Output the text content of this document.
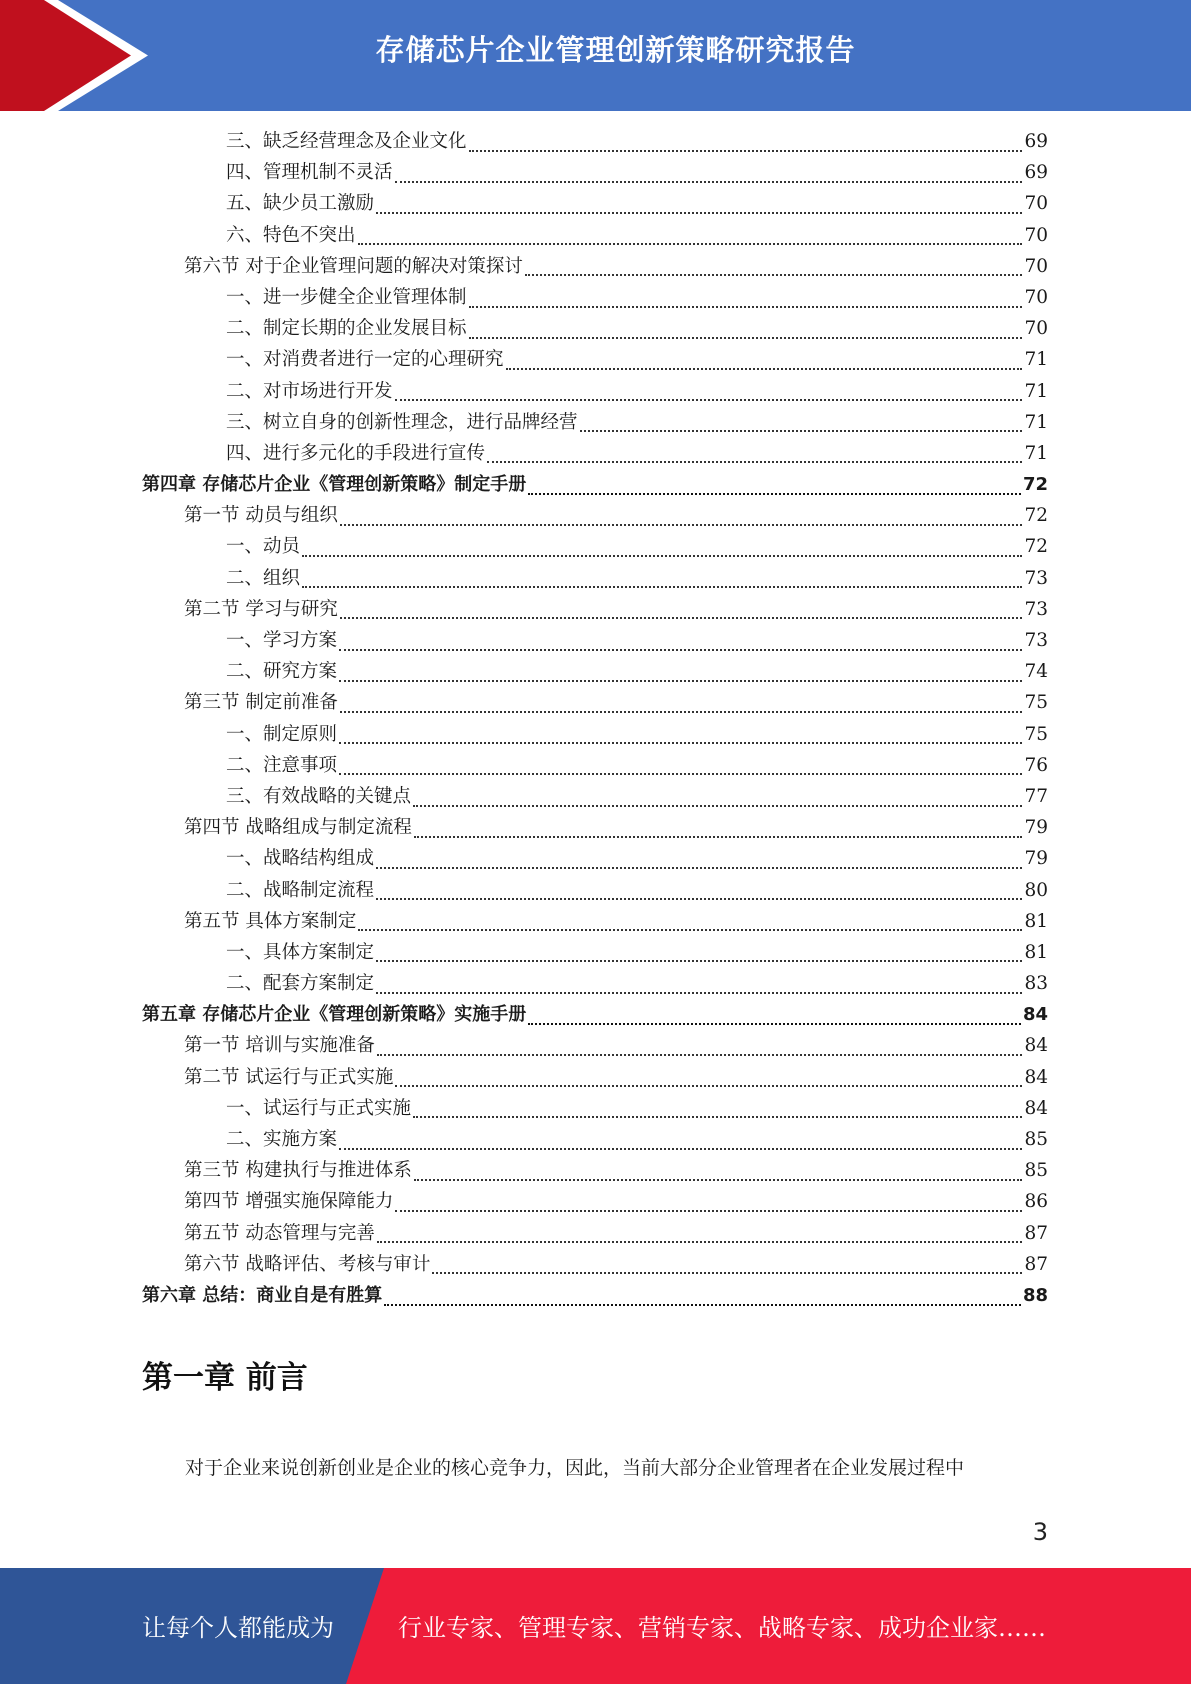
存储芯片企业管理创新策略研究报告
三、缺乏经营理念及企业文化	69
四、管理机制不灵活	69
五、缺少员工激励	70
六、特色不突出	70
第六节 对于企业管理问题的解决对策探讨	70
一、进一步健全企业管理体制	70
二、制定长期的企业发展目标	70
一、对消费者进行一定的心理研究	71
二、对市场进行开发	71
三、树立自身的创新性理念，进行品牌经营	71
四、进行多元化的手段进行宣传	71
第四章 存储芯片企业《管理创新策略》制定手册	72
第一节 动员与组织	72
一、动员	72
二、组织	73
第二节 学习与研究	73
一、学习方案	73
二、研究方案	74
第三节 制定前准备	75
一、制定原则	75
二、注意事项	76
三、有效战略的关键点	77
第四节 战略组成与制定流程	79
一、战略结构组成	79
二、战略制定流程	80
第五节 具体方案制定	81
一、具体方案制定	81
二、配套方案制定	83
第五章 存储芯片企业《管理创新策略》实施手册	84
第一节 培训与实施准备	84
第二节 试运行与正式实施	84
一、试运行与正式实施	84
二、实施方案	85
第三节 构建执行与推进体系	85
第四节 增强实施保障能力	86
第五节 动态管理与完善	87
第六节 战略评估、考核与审计	87
第六章 总结：商业自是有胜算	88
第一章 前言

对于企业来说创新创业是企业的核心竞争力，因此，当前大部分企业管理者在企业发展过程中

3
让每个人都能成为	行业专家、管理专家、营销专家、战略专家、成功企业家……
